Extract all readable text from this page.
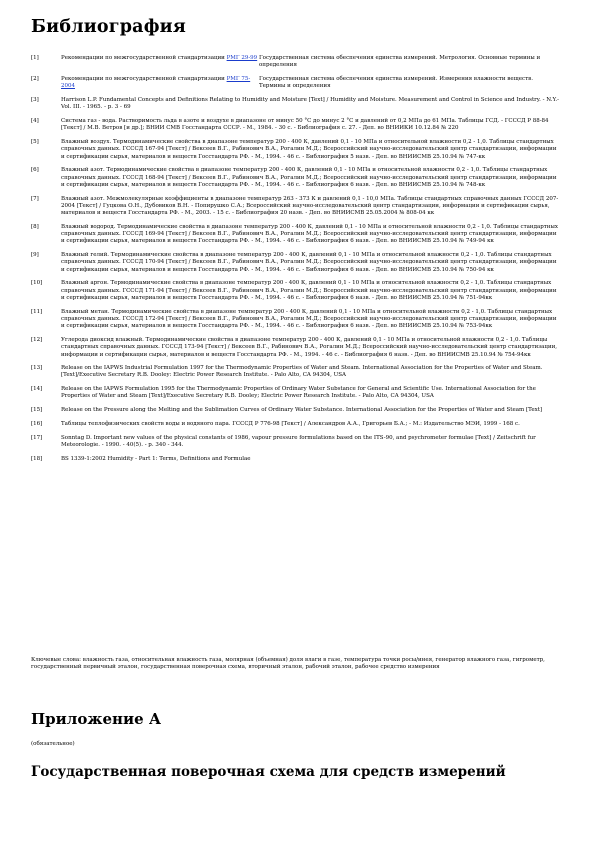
Библиография
[1]	Рекомендации по межгосударственной стандартизации РМГ 29-99 Государственная система обеспечения единства измерений. Метрология. Основные термины и определения
[2]	Рекомендации по межгосударственной стандартизации РМГ 75-2004
Государственная система обеспечения единства измерений. Измерения влажности веществ. Термины и определения
[3]	Harrison L.P. Fundamental Concepts and Definitions Relating to Humidity and Moisture [Text] / Humidity and Moisture. Measurement and Control in Science and Industry. - N.Y.-Vol. III. - 1965. - p. 3 - 69
[4]	Система газ - вода. Растворимость льда в азоте и воздухе в диапазоне от минус 50 °С до минус 2 °С и давлений от 0,2 МПа до 61 МПа. Таблицы ГСД. - ГСССД Р 88-84 [Текст] / М.В. Ветров [и др.]; ВНИИ СМВ Госстандарта СССР. - М., 1984. - 30 с. - Библиография с. 27. - Деп. во ВНИИКИ 10.12.84 № 220
[5]	Влажный воздух. Термодинамические свойства в диапазоне температур 200 - 400 К, давлений 0,1 - 10 МПа и относительной влажности 0,2 - 1,0. Таблицы стандартных справочных данных. ГСССД 167-94 [Текст] / Вексеев В.Г., Рабинович В.А., Рогалин М.Д.; Всероссийский научно-исследовательский центр стандартизации, информации и сертификации сырья, материалов и веществ Госстандарта РФ. - М., 1994. - 46 с. - Библиография 5 назв. - Деп. во ВНИИСМВ 25.10.94 № 747-кк
[6]	Влажный азот. Термодинамические свойства в диапазоне температур 200 - 400 К, давлений 0,1 - 10 МПа и относительной влажности 0,2 - 1,0. Таблицы стандартных справочных данных. ГСССД 168-94 [Текст] / Вексеев В.Г., Рабинович В.А., Рогалин М.Д.; Всероссийский научно-исследовательский центр стандартизации, информации и сертификации сырья, материалов и веществ Госстандарта РФ. - М., 1994. - 46 с. - Библиография 6 назв. - Деп. во ВНИИСМВ 25.10.94 № 748-кк
[7]	Влажный азот. Межмолекулярные коэффициенты в диапазоне температур 263 - 373 К и давлений 0,1 - 10,0 МПа. Таблицы стандартных справочных данных ГСССД 207-2004 [Текст] / Гуцкова О.Н., Дубовиков В.Н. - Попирушко С.А.; Всероссийский научно-исследовательский центр стандартизации, информации и сертификации сырья, материалов и веществ Госстандарта РФ. - М., 2003. - 15 с. - Библиография 20 назв. - Деп. во ВНИИСМВ 25.05.2004 № 808-04 кк
[8]	Влажный водород. Термодинамические свойства в диапазоне температур 200 - 400 К, давлений 0,1 - 10 МПа и относительной влажности 0,2 - 1,0. Таблицы стандартных справочных данных. ГСССД 169-94 [Текст] / Вексеев В.Г., Рабинович В.А., Рогалин М.Д.; Всероссийский научно-исследовательский центр стандартизации, информации и сертификации сырья, материалов и веществ Госстандарта РФ. - М., 1994. - 46 с. - Библиография 6 назв. - Деп. во ВНИИСМВ 25.10.94 № 749-94 кк
[9]	Влажный гелий. Термодинамические свойства в диапазоне температур 200 - 400 К, давлений 0,1 - 10 МПа и относительной влажности 0,2 - 1,0. Таблицы стандартных справочных данных. ГСССД 170-94 [Текст] / Вексеев В.Г., Рабинович В.А., Рогалин М.Д.; Всероссийский научно-исследовательский центр стандартизации, информации и сертификации сырья, материалов и веществ Госстандарта РФ. - М., 1994. - 46 с. - Библиография 6 назв. - Деп. во ВНИИСМВ 25.10.94 № 750-94 кк
[10]	Влажный аргон. Термодинамические свойства в диапазоне температур 200 - 400 К, давлений 0,1 - 10 МПа и относительной влажности 0,2 - 1,0. Таблицы стандартных справочных данных. ГСССД 171-94 [Текст] / Вексеев В.Г., Рабинович В.А., Рогалин М.Д.; Всероссийский научно-исследовательский центр стандартизации, информации и сертификации сырья, материалов и веществ Госстандарта РФ. - М., 1994. - 46 с. - Библиография 6 назв. - Деп. во ВНИИСМВ 25.10.94 № 751-94кк
[11]	Влажный метан. Термодинамические свойства в диапазоне температур 200 - 400 К, давлений 0,1 - 10 МПа и относительной влажности 0,2 - 1,0. Таблицы стандартных справочных данных. ГСССД 172-94 [Текст] / Вексеев В.Г., Рабинович В.А., Рогалин М.Д.; Всероссийский научно-исследовательский центр стандартизации, информации и сертификации сырья, материалов и веществ Госстандарта РФ. - М., 1994. - 46 с. - Библиография 6 назв. - Деп. во ВНИИСМВ 25.10.94 № 753-94кк
[12]	Углерода диоксид влажный. Термодинамические свойства в диапазоне температур 200 - 400 К, давлений 0,1 - 10 МПа и относительной влажности 0,2 - 1,0. Таблицы стандартных справочных данных. ГСССД 173-94 [Текст] / Вексеев В.Г., Рабинович В.А., Рогалин М.Д.; Всероссийский научно-исследовательский центр стандартизации, информации и сертификации сырья, материалов и веществ Госстандарта РФ. - М., 1994. - 46 с. - Библиография 6 назв. - Деп. во ВНИИСМВ 25.10.94 № 754-94кк
[13]	Release on the IAPWS Industrial Formulation 1997 for the Thermodynamic Properties of Water and Steam. International Association for the Properties of Water and Steam.[Text]/Executive Secretary R.B. Dooley: Electric Power Research Institute. - Palo Alto, CA 94304, USA
[14]	Release on the IAPWS Formulation 1995 for the Thermodynamic Properties of Ordinary Water Substance for General and Scientific Use. International Association for the Properties of Water and Steam [Text]/Executive Secretary R.B. Dooley; Electric Power Research Institute. - Palo Alto, CA 94304, USA
[15]	Release on the Pressure along the Melting and the Sublimation Curves of Ordinary Water Substance. International Association for the Properties of Water and Steam [Text]
[16]	Таблицы теплофизических свойств воды и водяного пара. ГСССД Р 776-98 [Текст] / Александров А.А., Григорьев Б.А.; - М.: Издательство МЭИ, 1999 - 168 с.
[17]	Sonntag D. Important new values of the physical constants of 1986, vapour pressure formulations based on the ITS-90, and psychrometer formulae [Text] / Zeitschrift fur Meteorologie. - 1990. - 40(5). - p. 340 - 344.
[18]	BS 1339-1:2002 Humidity - Part 1: Terms, Definitions and Formulae
Ключевые слова: влажность газа, относительная влажность газа, молярная (объемная) доля влаги в газе, температура точки росы/инея, генератор влажного газа, гигрометр, государственный первичный эталон, государственная поверочная схема, вторичный эталон, рабочий эталон, рабочее средство измерения
Приложение А
(обязательное)
Государственная поверочная схема для средств измерений
